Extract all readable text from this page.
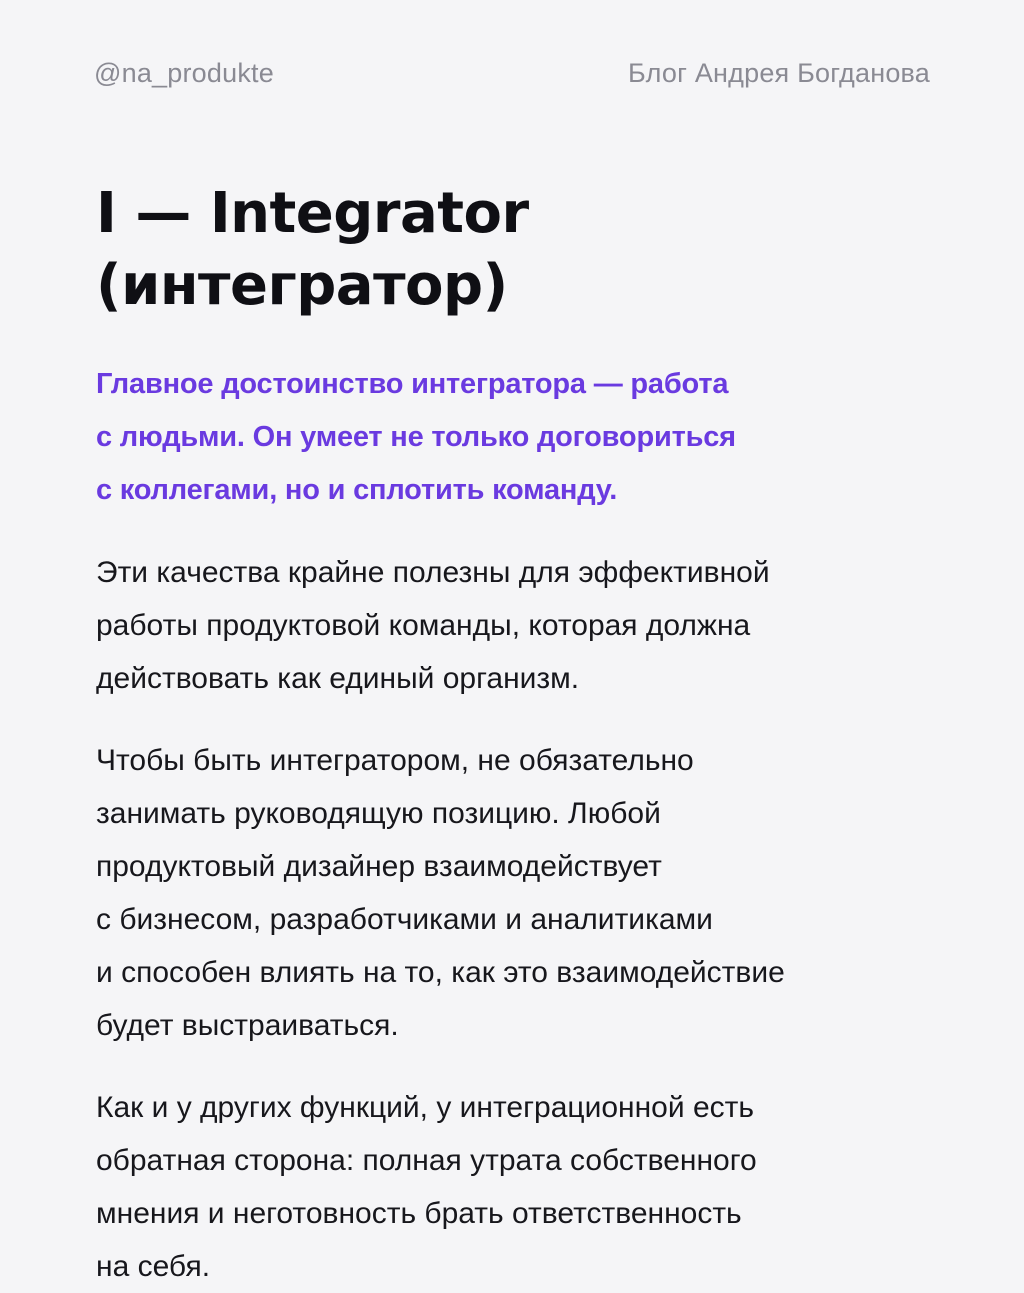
@na_produkte	Блог Андрея Богданова
I — Integrator
(интегратор)
Главное достоинство интегратора — работа
с людьми. Он умеет не только договориться
с коллегами, но и сплотить команду.
Эти качества крайне полезны для эффективной
работы продуктовой команды, которая должна
действовать как единый организм.
Чтобы быть интегратором, не обязательно
занимать руководящую позицию. Любой
продуктовый дизайнер взаимодействует
с бизнесом, разработчиками и аналитиками
и способен влиять на то, как это взаимодействие
будет выстраиваться.
Как и у других функций, у интеграционной есть
обратная сторона: полная утрата собственного
мнения и неготовность брать ответственность
на себя.
